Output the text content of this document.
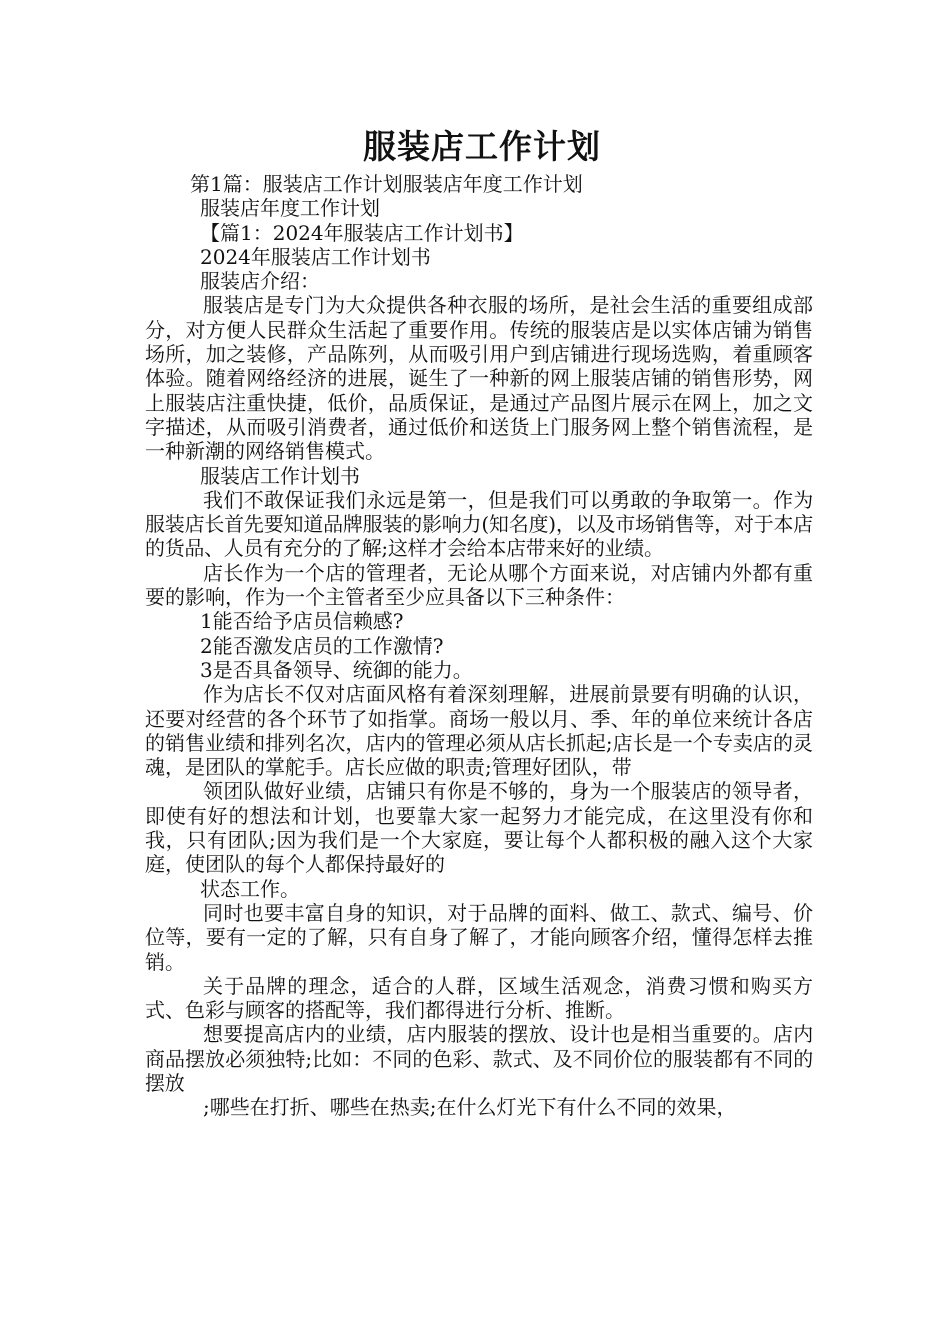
服装店工作计划

第1篇：服装店工作计划服装店年度工作计划

服装店年度工作计划

【篇1：2024年服装店工作计划书】

2024年服装店工作计划书

服装店介绍：

服装店是专门为大众提供各种衣服的场所，是社会生活的重要组成部分，对方便人民群众生活起了重要作用。传统的服装店是以实体店铺为销售场所，加之装修，产品陈列，从而吸引用户到店铺进行现场选购，着重顾客体验。随着网络经济的进展，诞生了一种新的网上服装店铺的销售形势，网上服装店注重快捷，低价，品质保证，是通过产品图片展示在网上，加之文字描述，从而吸引消费者，通过低价和送货上门服务网上整个销售流程，是一种新潮的网络销售模式。

服装店工作计划书

我们不敢保证我们永远是第一，但是我们可以勇敢的争取第一。作为服装店长首先要知道品牌服装的影响力(知名度)，以及市场销售等，对于本店的货品、人员有充分的了解;这样才会给本店带来好的业绩。

店长作为一个店的管理者，无论从哪个方面来说，对店铺内外都有重要的影响，作为一个主管者至少应具备以下三种条件：

1能否给予店员信赖感?

2能否激发店员的工作激情?

3是否具备领导、统御的能力。

作为店长不仅对店面风格有着深刻理解，进展前景要有明确的认识，还要对经营的各个环节了如指掌。商场一般以月、季、年的单位来统计各店的销售业绩和排列名次，店内的管理必须从店长抓起;店长是一个专卖店的灵魂，是团队的掌舵手。店长应做的职责;管理好团队，带

领团队做好业绩，店铺只有你是不够的，身为一个服装店的领导者，即使有好的想法和计划，也要靠大家一起努力才能完成，在这里没有你和我，只有团队;因为我们是一个大家庭，要让每个人都积极的融入这个大家庭，使团队的每个人都保持最好的

状态工作。

同时也要丰富自身的知识，对于品牌的面料、做工、款式、编号、价位等，要有一定的了解，只有自身了解了，才能向顾客介绍，懂得怎样去推销。

关于品牌的理念，适合的人群，区域生活观念，消费习惯和购买方式、色彩与顾客的搭配等，我们都得进行分析、推断。

想要提高店内的业绩，店内服装的摆放、设计也是相当重要的。店内商品摆放必须独特;比如：不同的色彩、款式、及不同价位的服装都有不同的摆放

;哪些在打折、哪些在热卖;在什么灯光下有什么不同的效果，
